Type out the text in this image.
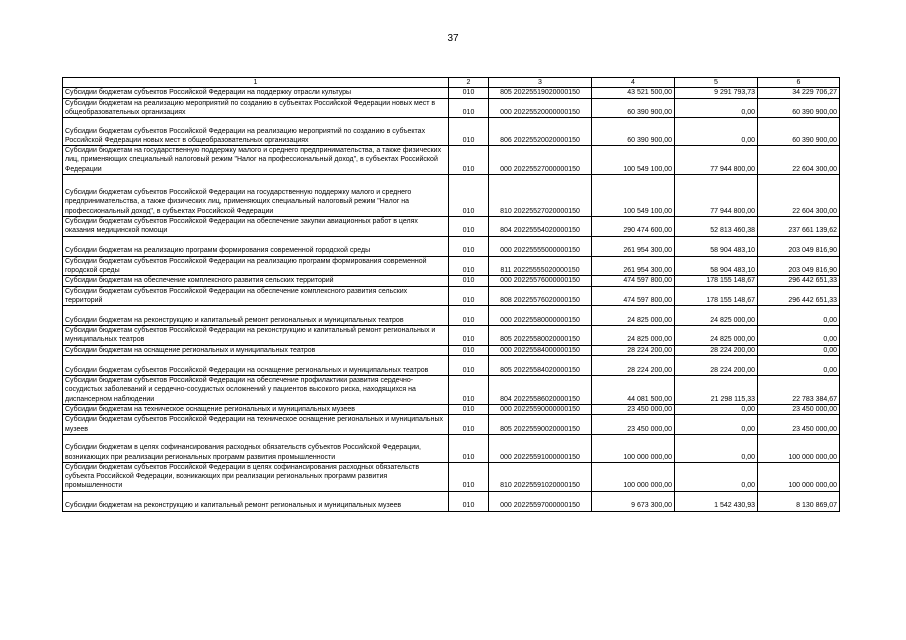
37
1	2	3	4	5	6
Субсидии бюджетам субъектов Российской Федерации на поддержку отрасли культуры	010	805 20225519020000150	43 521 500,00	9 291 793,73	34 229 706,27
Субсидии бюджетам на реализацию мероприятий по созданию в субъектах Российской Федерации новых мест в общеобразовательных организациях	010	000 20225520000000150	60 390 900,00	0,00	60 390 900,00
Субсидии бюджетам субъектов Российской Федерации на реализацию мероприятий по созданию в субъектах Российской Федерации новых мест в общеобразовательных организациях	010	806 20225520020000150	60 390 900,00	0,00	60 390 900,00
Субсидии бюджетам на государственную поддержку малого и среднего предпринимательства, а также физических лиц, применяющих специальный налоговый режим "Налог на профессиональный доход", в субъектах Российской Федерации	010	000 20225527000000150	100 549 100,00	77 944 800,00	22 604 300,00
Субсидии бюджетам субъектов Российской Федерации на государственную поддержку малого и среднего предпринимательства, а также физических лиц, применяющих специальный налоговый режим "Налог на профессиональный доход", в субъектах Российской Федерации	010	810 20225527020000150	100 549 100,00	77 944 800,00	22 604 300,00
Субсидии бюджетам субъектов Российской Федерации на обеспечение закупки авиационных работ в целях оказания медицинской помощи	010	804 20225554020000150	290 474 600,00	52 813 460,38	237 661 139,62
Субсидии бюджетам на реализацию программ формирования современной городской среды	010	000 20225555000000150	261 954 300,00	58 904 483,10	203 049 816,90
Субсидии бюджетам субъектов Российской Федерации на реализацию программ формирования современной городской среды	010	811 20225555020000150	261 954 300,00	58 904 483,10	203 049 816,90
Субсидии бюджетам на обеспечение комплексного развития сельских территорий	010	000 20225576000000150	474 597 800,00	178 155 148,67	296 442 651,33
Субсидии бюджетам субъектов Российской Федерации на обеспечение комплексного развития сельских территорий	010	808 20225576020000150	474 597 800,00	178 155 148,67	296 442 651,33
Субсидии бюджетам на реконструкцию и капитальный ремонт региональных и муниципальных театров	010	000 20225580000000150	24 825 000,00	24 825 000,00	0,00
Субсидии бюджетам субъектов Российской Федерации на реконструкцию и капитальный ремонт региональных и муниципальных театров	010	805 20225580020000150	24 825 000,00	24 825 000,00	0,00
Субсидии бюджетам на оснащение региональных и муниципальных театров	010	000 20225584000000150	28 224 200,00	28 224 200,00	0,00
Субсидии бюджетам субъектов Российской Федерации на оснащение региональных и муниципальных театров	010	805 20225584020000150	28 224 200,00	28 224 200,00	0,00
Субсидии бюджетам субъектов Российской Федерации на обеспечение профилактики развития сердечно-сосудистых заболеваний и сердечно-сосудистых осложнений у пациентов высокого риска, находящихся на диспансерном наблюдении	010	804 20225586020000150	44 081 500,00	21 298 115,33	22 783 384,67
Субсидии бюджетам на техническое оснащение региональных и муниципальных музеев	010	000 20225590000000150	23 450 000,00	0,00	23 450 000,00
Субсидии бюджетам субъектов Российской Федерации на техническое оснащение региональных и муниципальных музеев	010	805 20225590020000150	23 450 000,00	0,00	23 450 000,00
Субсидии бюджетам в целях софинансирования расходных обязательств субъектов Российской Федерации, возникающих при реализации региональных программ развития промышленности	010	000 20225591000000150	100 000 000,00	0,00	100 000 000,00
Субсидии бюджетам субъектов Российской Федерации в целях софинансирования расходных обязательств субъекта Российской Федерации, возникающих при реализации региональных программ развития промышленности	010	810 20225591020000150	100 000 000,00	0,00	100 000 000,00
Субсидии бюджетам на реконструкцию и капитальный ремонт региональных и муниципальных музеев	010	000 20225597000000150	9 673 300,00	1 542 430,93	8 130 869,07
